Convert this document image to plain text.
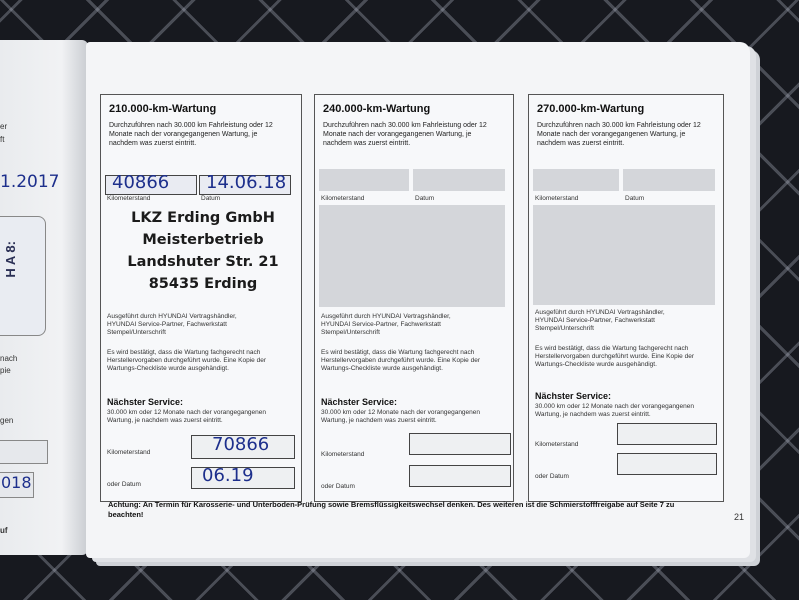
er
ft
1.2017
H A 8:
nach
pie
gen
018
uf
210.000-km-Wartung
Durchzuführen nach 30.000 km Fahrleistung oder 12 Monate nach der vorangegangenen Wartung, je nachdem was zuerst eintritt.
40866 14.06.18
Kilometerstand	Datum
LKZ Erding GmbH
Meisterbetrieb
Landshuter Str. 21
85435 Erding
Ausgeführt durch HYUNDAI Vertragshändler, HYUNDAI Service-Partner, Fachwerkstatt Stempel/Unterschrift
Es wird bestätigt, dass die Wartung fachgerecht nach Herstellervorgaben durchgeführt wurde. Eine Kopie der Wartungs-Checkliste wurde ausgehändigt.
Nächster Service:
30.000 km oder 12 Monate nach der vorangegangenen Wartung, je nachdem was zuerst eintritt.
Kilometerstand	70866
oder Datum	06.19
240.000-km-Wartung
Durchzuführen nach 30.000 km Fahrleistung oder 12 Monate nach der vorangegangenen Wartung, je nachdem was zuerst eintritt.
Kilometerstand	Datum
Ausgeführt durch HYUNDAI Vertragshändler, HYUNDAI Service-Partner, Fachwerkstatt Stempel/Unterschrift
Es wird bestätigt, dass die Wartung fachgerecht nach Herstellervorgaben durchgeführt wurde. Eine Kopie der Wartungs-Checkliste wurde ausgehändigt.
Nächster Service:
30.000 km oder 12 Monate nach der vorangegangenen Wartung, je nachdem was zuerst eintritt.
Kilometerstand
oder Datum
270.000-km-Wartung
Durchzuführen nach 30.000 km Fahrleistung oder 12 Monate nach der vorangegangenen Wartung, je nachdem was zuerst eintritt.
Kilometerstand	Datum
Ausgeführt durch HYUNDAI Vertragshändler, HYUNDAI Service-Partner, Fachwerkstatt Stempel/Unterschrift
Es wird bestätigt, dass die Wartung fachgerecht nach Herstellervorgaben durchgeführt wurde. Eine Kopie der Wartungs-Checkliste wurde ausgehändigt.
Nächster Service:
30.000 km oder 12 Monate nach der vorangegangenen Wartung, je nachdem was zuerst eintritt.
Kilometerstand
oder Datum
Achtung: An Termin für Karosserie- und Unterboden-Prüfung sowie Bremsflüssigkeitswechsel denken. Des weiteren ist die Schmierstofffreigabe auf Seite 7 zu beachten!	21
